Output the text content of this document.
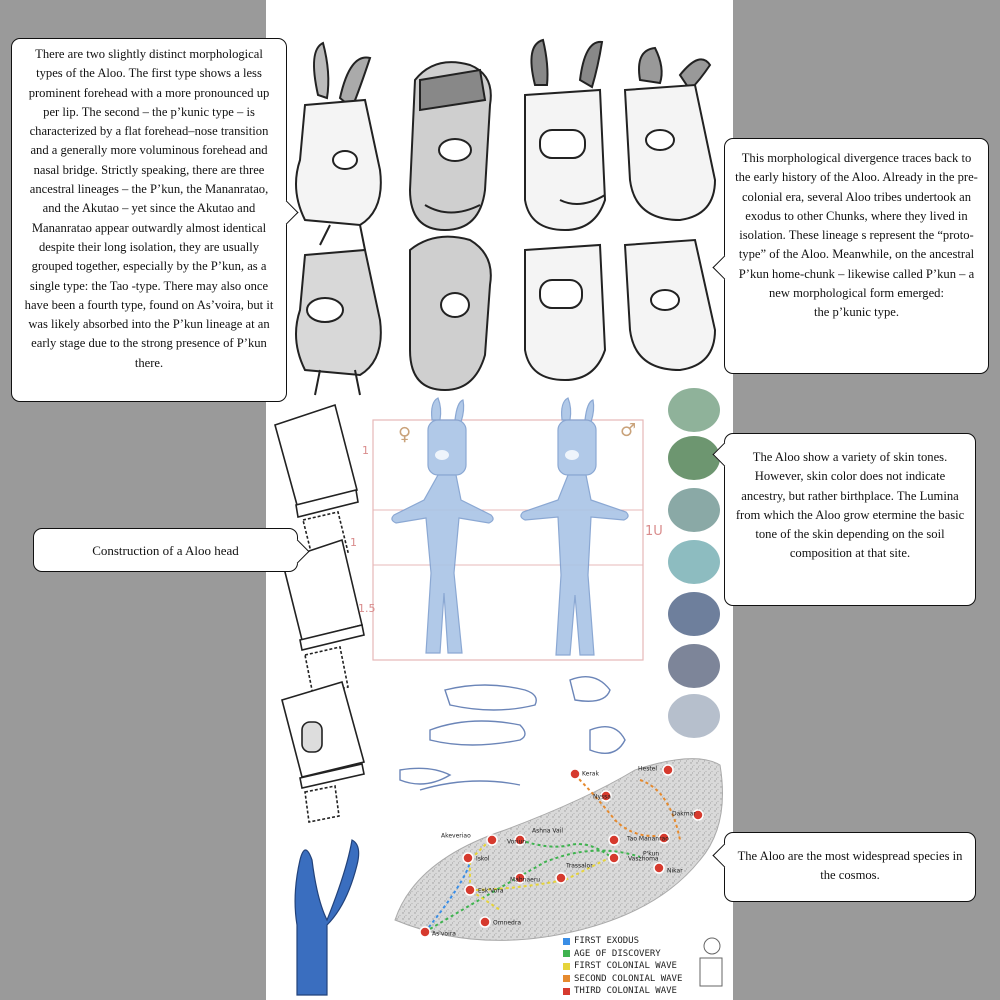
There are two slightly distinct morphological types of the Aloo. The first type shows a less prominent forehead with a more pronounced up per lip. The second – the p’kunic type – is characterized by a flat forehead–nose transition and a generally more voluminous forehead and nasal bridge. Strictly speaking, there are three ancestral lineages – the P’kun, the Mananratao, and the Akutao – yet since the Akutao and Mananratao appear outwardly almost identical despite their long isolation, they are usually grouped together, especially by the P’kun, as a single type: the Tao -type. There may also once have been a fourth type, found on As’voira, but it was likely absorbed into the P’kun lineage at an early stage due to the strong presence of P’kun there.

This morphological divergence traces back to the early history of the Aloo. Already in the pre-colonial era, several Aloo tribes undertook an exodus to other Chunks, where they lived in isolation. These lineage s represent the “proto-type” of the Aloo. Meanwhile, on the ancestral P’kun home-chunk – likewise called P’kun – a new morphological form emerged:

the p’kunic type.

Construction of a Aloo head

The Aloo show a variety of skin tones. However, skin color does not indicate ancestry, but rather birthplace. The Lumina from which the Aloo grow etermine the basic tone of the skin depending on the soil composition at that site.

The Aloo are the most widespread species in the cosmos.

♀	♂
1
1
1.5
1U
Kerak
Hestel
Nyssa
Dakmar
Ashna Vail
Akeveriao
Voriun	Tao Mananrao
Iskol	Vaszhoma
Nikar
Trassalor
Mahnaeru
Esk'Vora
Omnedra
As'voira
P'kun
FIRST EXODUS
AGE OF DISCOVERY
FIRST COLONIAL WAVE
SECOND COLONIAL WAVE
THIRD COLONIAL WAVE
